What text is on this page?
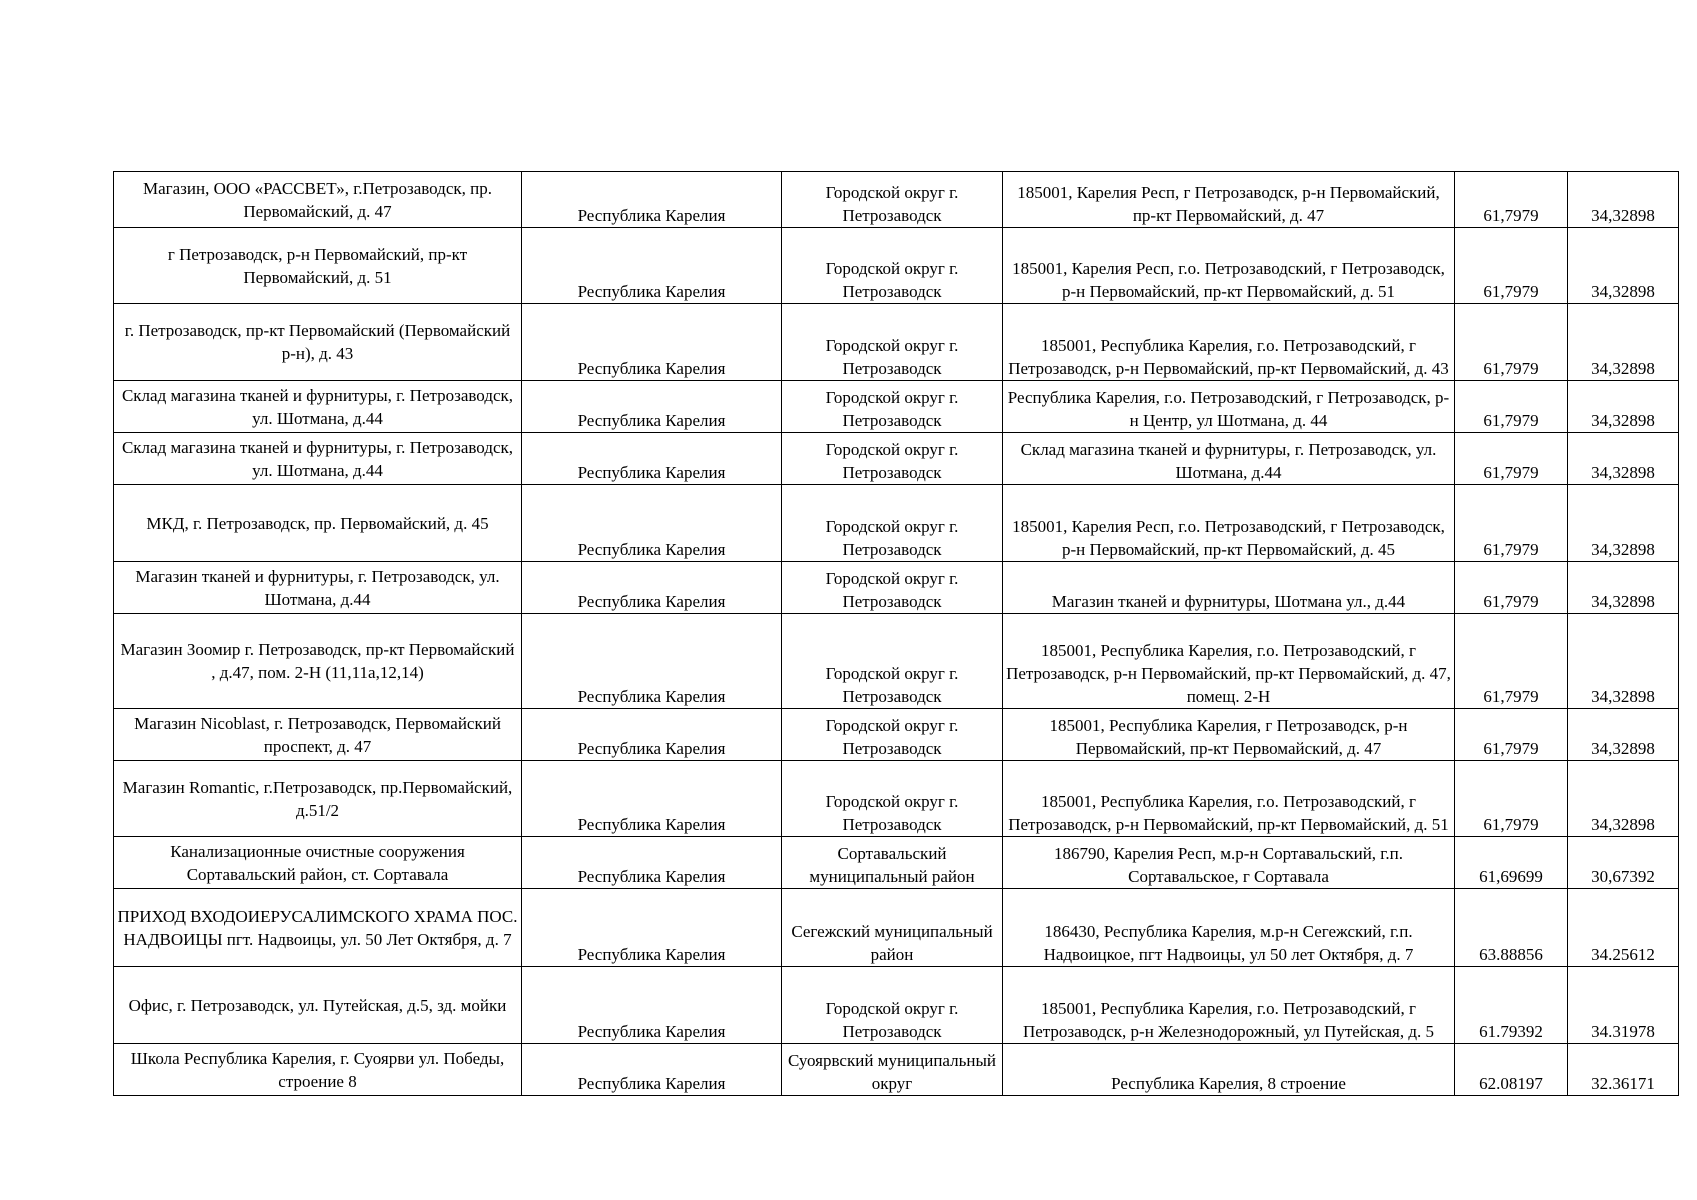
Магазин, ООО «РАССВЕТ», г.Петрозаводск, пр. Первомайский, д. 47	Республика Карелия	Городской округ г. Петрозаводск	185001, Карелия Респ, г Петрозаводск, р-н Первомайский, пр-кт Первомайский, д. 47	61,7979	34,32898
г Петрозаводск, р-н Первомайский, пр-кт Первомайский, д. 51	Республика Карелия	Городской округ г. Петрозаводск	185001, Карелия Респ, г.о. Петрозаводский, г Петрозаводск, р-н Первомайский, пр-кт Первомайский, д. 51	61,7979	34,32898
г. Петрозаводск, пр-кт Первомайский (Первомайский р-н), д. 43	Республика Карелия	Городской округ г. Петрозаводск	185001, Республика Карелия, г.о. Петрозаводский, г Петрозаводск, р-н Первомайский, пр-кт Первомайский, д. 43	61,7979	34,32898
Склад магазина тканей и фурнитуры, г. Петрозаводск, ул. Шотмана, д.44	Республика Карелия	Городской округ г. Петрозаводск	Республика Карелия, г.о. Петрозаводский, г Петрозаводск, р-н Центр, ул Шотмана, д. 44	61,7979	34,32898
Склад магазина тканей и фурнитуры, г. Петрозаводск, ул. Шотмана, д.44	Республика Карелия	Городской округ г. Петрозаводск	Склад магазина тканей и фурнитуры, г. Петрозаводск, ул. Шотмана, д.44	61,7979	34,32898
МКД, г. Петрозаводск, пр. Первомайский, д. 45	Республика Карелия	Городской округ г. Петрозаводск	185001, Карелия Респ, г.о. Петрозаводский, г Петрозаводск, р-н Первомайский, пр-кт Первомайский, д. 45	61,7979	34,32898
Магазин тканей и фурнитуры, г. Петрозаводск, ул. Шотмана, д.44	Республика Карелия	Городской округ г. Петрозаводск	Магазин тканей и фурнитуры, Шотмана ул., д.44	61,7979	34,32898
Магазин Зоомир г. Петрозаводск, пр-кт Первомайский , д.47, пом. 2-Н (11,11а,12,14)	Республика Карелия	Городской округ г. Петрозаводск	185001, Республика Карелия, г.о. Петрозаводский, г Петрозаводск, р-н Первомайский, пр-кт Первомайский, д. 47, помещ. 2-Н	61,7979	34,32898
Магазин Nicoblast, г. Петрозаводск, Первомайский проспект, д. 47	Республика Карелия	Городской округ г. Петрозаводск	185001, Республика Карелия, г Петрозаводск, р-н Первомайский, пр-кт Первомайский, д. 47	61,7979	34,32898
Магазин Romantic, г.Петрозаводск, пр.Первомайский, д.51/2	Республика Карелия	Городской округ г. Петрозаводск	185001, Республика Карелия, г.о. Петрозаводский, г Петрозаводск, р-н Первомайский, пр-кт Первомайский, д. 51	61,7979	34,32898
Канализационные очистные сооружения Сортавальский район, ст. Сортавала	Республика Карелия	Сортавальский муниципальный район	186790, Карелия Респ, м.р-н Сортавальский, г.п. Сортавальское, г Сортавала	61,69699	30,67392
ПРИХОД ВХОДОИЕРУСАЛИМСКОГО ХРАМА ПОС. НАДВОИЦЫ пгт. Надвоицы, ул. 50 Лет Октября, д. 7	Республика Карелия	Сегежский муниципальный район	186430, Республика Карелия, м.р-н Сегежский, г.п. Надвоицкое, пгт Надвоицы, ул 50 лет Октября, д. 7	63.88856	34.25612
Офис, г. Петрозаводск, ул. Путейская, д.5, зд. мойки	Республика Карелия	Городской округ г. Петрозаводск	185001, Республика Карелия, г.о. Петрозаводский, г Петрозаводск, р-н Железнодорожный, ул Путейская, д. 5	61.79392	34.31978
Школа Республика Карелия, г. Суоярви ул. Победы, строение 8	Республика Карелия	Суоярвский муниципальный округ	Республика Карелия, 8 строение	62.08197	32.36171
